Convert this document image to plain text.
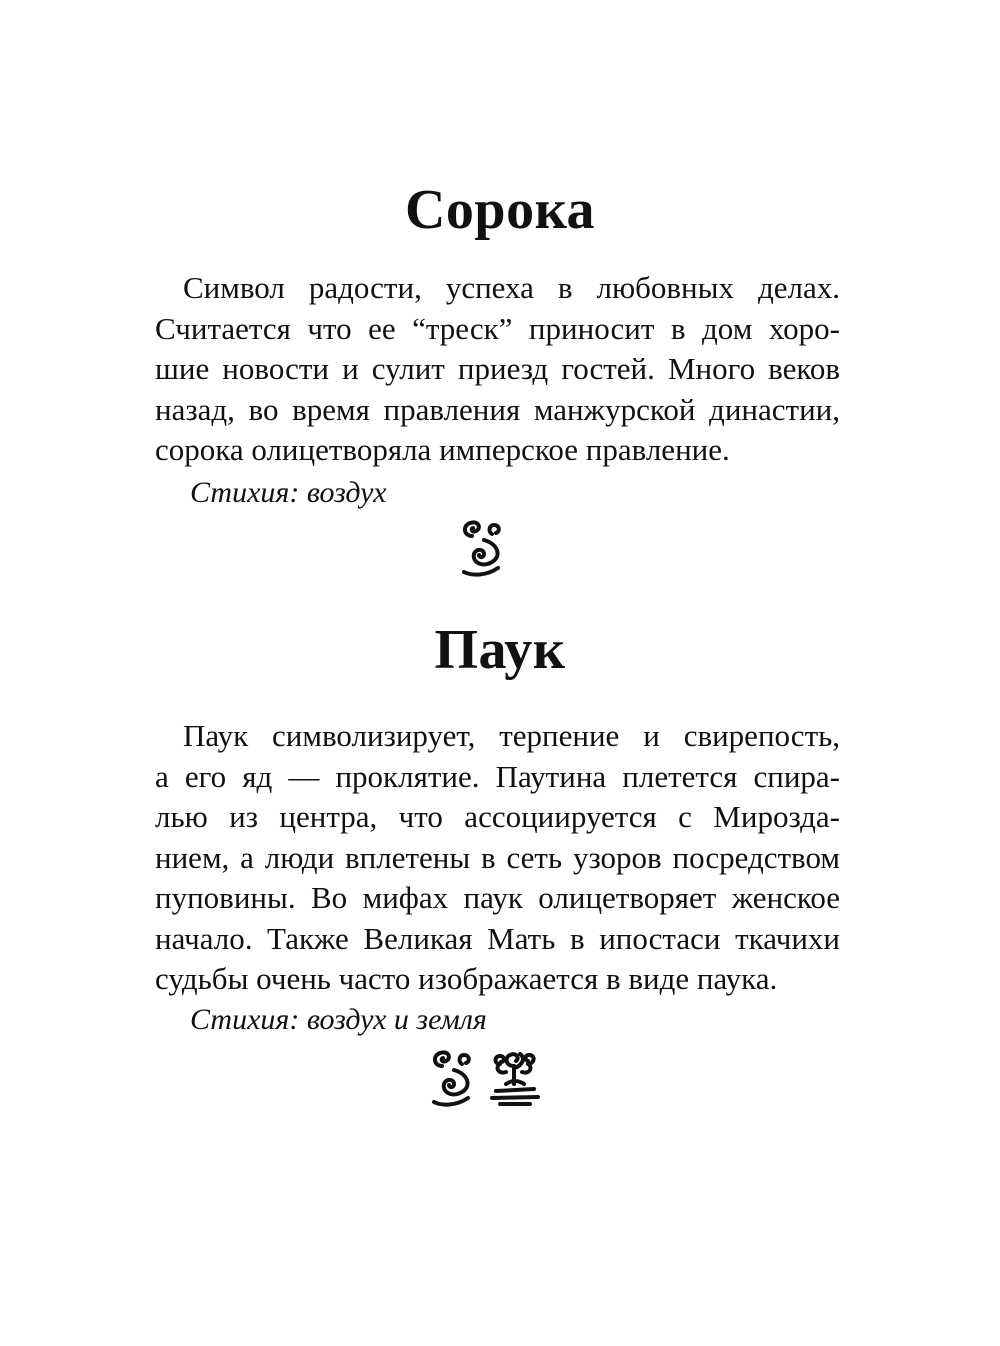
Сорока
Символ радости, успеха в любовных делах.
Считается что ее “треск” приносит в дом хоро-
шие новости и сулит приезд гостей. Много веков
назад, во время правления манжурской династии,
сорока олицетворяла имперское правление.
Стихия: воздух
Паук
Паук символизирует, терпение и свирепость,
а его яд — проклятие. Паутина плетется спира-
лью из центра, что ассоциируется с Мирозда-
нием, а люди вплетены в сеть узоров посредством
пуповины. Во мифах паук олицетворяет женское
начало. Также Великая Мать в ипостаси ткачихи
судьбы очень часто изображается в виде паука.
Стихия: воздух и земля
